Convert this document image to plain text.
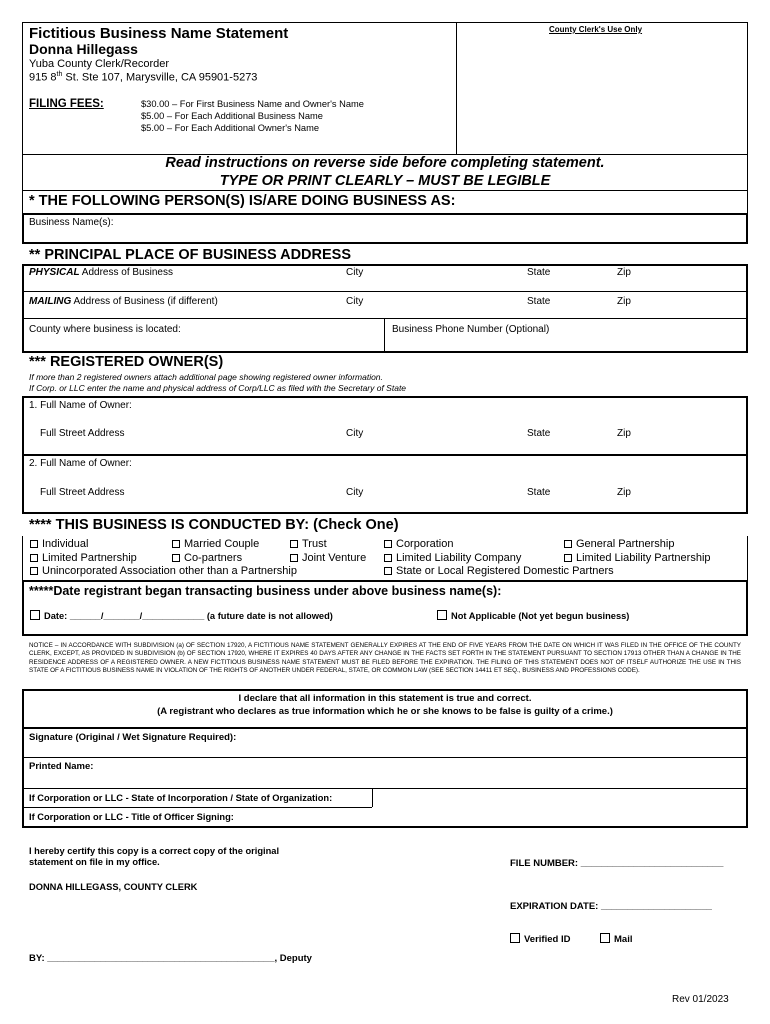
Fictitious Business Name Statement
Donna Hillegass
Yuba County Clerk/Recorder
915 8th St. Ste 107, Marysville, CA 95901-5273
FILING FEES:	$30.00 – For First Business Name and Owner's Name
$5.00 – For Each Additional Business Name
$5.00 – For Each Additional Owner's Name
County Clerk's Use Only
Read instructions on reverse side before completing statement.
TYPE OR PRINT CLEARLY – MUST BE LEGIBLE
* THE FOLLOWING PERSON(S) IS/ARE DOING BUSINESS AS:
Business Name(s):
** PRINCIPAL PLACE OF BUSINESS ADDRESS
PHYSICAL Address of Business	City	State	Zip
MAILING Address of Business (if different)	City	State	Zip
County where business is located:	Business Phone Number (Optional)
*** REGISTERED OWNER(S)
If more than 2 registered owners attach additional page showing registered owner information.
If Corp. or LLC enter the name and physical address of Corp/LLC as filed with the Secretary of State
1. Full Name of Owner:
Full Street Address	City	State	Zip
2. Full Name of Owner:
Full Street Address	City	State	Zip
**** THIS BUSINESS IS CONDUCTED BY: (Check One)
Individual	Married Couple	Trust	Corporation	General Partnership
Limited Partnership	Co-partners	Joint Venture	Limited Liability Company	Limited Liability Partnership
Unincorporated Association other than a Partnership	State or Local Registered Domestic Partners
*****Date registrant began transacting business under above business name(s):
Date: ______/_______/____________ (a future date is not allowed)	Not Applicable (Not yet begun business)
NOTICE – IN ACCORDANCE WITH SUBDIVISION (a) OF SECTION 17920, A FICTITIOUS NAME STATEMENT GENERALLY EXPIRES AT THE END OF FIVE YEARS FROM THE DATE ON WHICH IT WAS FILED IN THE OFFICE OF THE COUNTY CLERK, EXCEPT, AS PROVIDED IN SUBDIVISION (b) OF SECTION 17920, WHERE IT EXPIRES 40 DAYS AFTER ANY CHANGE IN THE FACTS SET FORTH IN THE STATEMENT PURSUANT TO SECTION 17913 OTHER THAN A CHANGE IN THE RESIDENCE ADDRESS OF A REGISTERED OWNER. A NEW FICTITIOUS BUSINESS NAME STATEMENT MUST BE FILED BEFORE THE EXPIRATION. THE FILING OF THIS STATEMENT DOES NOT OF ITSELF AUTHORIZE THE USE IN THIS STATE OF A FICTITIOUS BUSINESS NAME IN VIOLATION OF THE RIGHTS OF ANOTHER UNDER FEDERAL, STATE, OR COMMON LAW (SEE SECTION 14411 ET SEQ., BUSINESS AND PROFESSIONS CODE).
I declare that all information in this statement is true and correct.
(A registrant who declares as true information which he or she knows to be false is guilty of a crime.)
Signature (Original / Wet Signature Required):
Printed Name:
If Corporation or LLC - State of Incorporation / State of Organization:
If Corporation or LLC - Title of Officer Signing:
I hereby certify this copy is a correct copy of the original
statement on file in my office.
DONNA HILLEGASS, COUNTY CLERK
BY: ___________________________________________, Deputy
FILE NUMBER: ___________________________
EXPIRATION DATE: _____________________
Verified ID	Mail
Rev 01/2023
